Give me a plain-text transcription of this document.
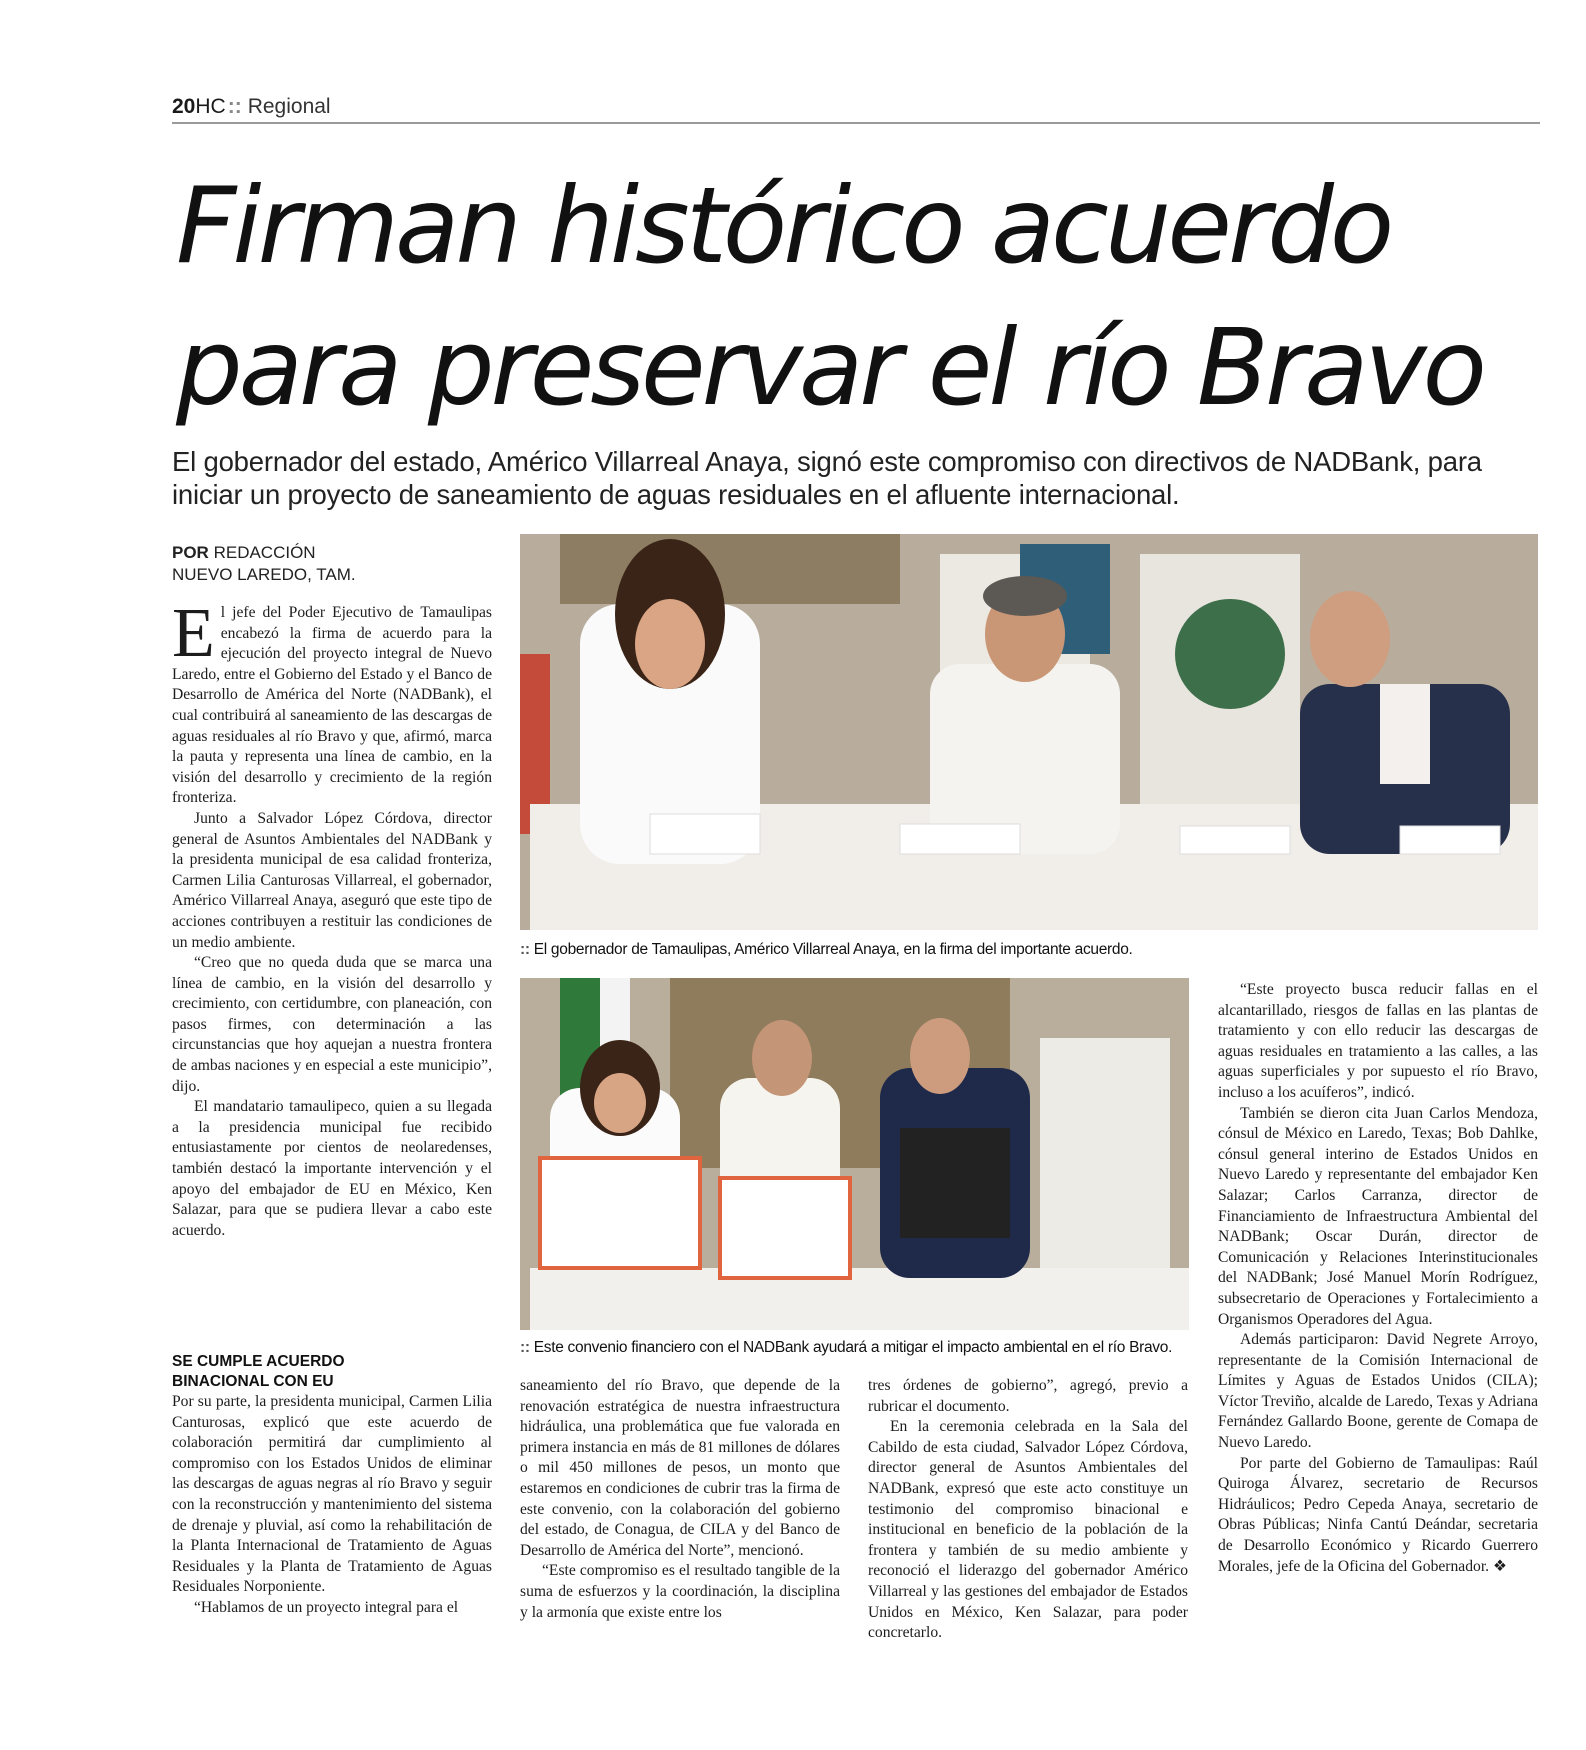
20HC:: Regional
Firman histórico acuerdo
para preservar el río Bravo
El gobernador del estado, Américo Villarreal Anaya, signó este compromiso con directivos de NADBank, para
iniciar un proyecto de saneamiento de aguas residuales en el afluente internacional.
POR REDACCIÓN
NUEVO LAREDO, TAM.

El jefe del Poder Ejecutivo de Tamaulipas encabezó la firma de acuerdo para la ejecución del proyecto integral de Nuevo Laredo, entre el Gobierno del Estado y el Banco de Desarrollo de América del Norte (NADBank), el cual contribuirá al saneamiento de las descargas de aguas residuales al río Bravo y que, afirmó, marca la pauta y representa una línea de cambio, en la visión del desarrollo y crecimiento de la región fronteriza.

Junto a Salvador López Córdova, director general de Asuntos Ambientales del NADBank y la presidenta municipal de esa calidad fronteriza, Carmen Lilia Canturosas Villarreal, el gobernador, Américo Villarreal Anaya, aseguró que este tipo de acciones contribuyen a restituir las condiciones de un medio ambiente.

“Creo que no queda duda que se marca una línea de cambio, en la visión del desarrollo y crecimiento, con certidumbre, con planeación, con pasos firmes, con determinación a las circunstancias que hoy aquejan a nuestra frontera de ambas naciones y en especial a este municipio”, dijo.

El mandatario tamaulipeco, quien a su llegada a la presidencia municipal fue recibido entusiastamente por cientos de neolaredenses, también destacó la importante intervención y el apoyo del embajador de EU en México, Ken Salazar, para que se pudiera llevar a cabo este acuerdo.

SE CUMPLE ACUERDO
BINACIONAL CON EU

Por su parte, la presidenta municipal, Carmen Lilia Canturosas, explicó que este acuerdo de colaboración permitirá dar cumplimiento al compromiso con los Estados Unidos de eliminar las descargas de aguas negras al río Bravo y seguir con la reconstrucción y mantenimiento del sistema de drenaje y pluvial, así como la rehabilitación de la Planta Internacional de Tratamiento de Aguas Residuales y la Planta de Tratamiento de Aguas Residuales Norponiente.

“Hablamos de un proyecto integral para el

:: El gobernador de Tamaulipas, Américo Villarreal Anaya, en la firma del importante acuerdo.
:: Este convenio financiero con el NADBank ayudará a mitigar el impacto ambiental en el río Bravo.

saneamiento del río Bravo, que depende de la renovación estratégica de nuestra infraestructura hidráulica, una problemática que fue valorada en primera instancia en más de 81 millones de dólares o mil 450 millones de pesos, un monto que estaremos en condiciones de cubrir tras la firma de este convenio, con la colaboración del gobierno del estado, de Conagua, de CILA y del Banco de Desarrollo de América del Norte”, mencionó.

“Este compromiso es el resultado tangible de la suma de esfuerzos y la coordinación, la disciplina y la armonía que existe entre los

tres órdenes de gobierno”, agregó, previo a rubricar el documento.

En la ceremonia celebrada en la Sala del Cabildo de esta ciudad, Salvador López Córdova, director general de Asuntos Ambientales del NADBank, expresó que este acto constituye un testimonio del compromiso binacional e institucional en beneficio de la población de la frontera y también de su medio ambiente y reconoció el liderazgo del gobernador Américo Villarreal y las gestiones del embajador de Estados Unidos en México, Ken Salazar, para poder concretarlo.

“Este proyecto busca reducir fallas en el alcantarillado, riesgos de fallas en las plantas de tratamiento y con ello reducir las descargas de aguas residuales en tratamiento a las calles, a las aguas superficiales y por supuesto el río Bravo, incluso a los acuíferos”, indicó.

También se dieron cita Juan Carlos Mendoza, cónsul de México en Laredo, Texas; Bob Dahlke, cónsul general interino de Estados Unidos en Nuevo Laredo y representante del embajador Ken Salazar; Carlos Carranza, director de Financiamiento de Infraestructura Ambiental del NADBank; Oscar Durán, director de Comunicación y Relaciones Interinstitucionales del NADBank; José Manuel Morín Rodríguez, subsecretario de Operaciones y Fortalecimiento a Organismos Operadores del Agua.

Además participaron: David Negrete Arroyo, representante de la Comisión Internacional de Límites y Aguas de Estados Unidos (CILA); Víctor Treviño, alcalde de Laredo, Texas y Adriana Fernández Gallardo Boone, gerente de Comapa de Nuevo Laredo.

Por parte del Gobierno de Tamaulipas: Raúl Quiroga Álvarez, secretario de Recursos Hidráulicos; Pedro Cepeda Anaya, secretario de Obras Públicas; Ninfa Cantú Deándar, secretaria de Desarrollo Económico y Ricardo Guerrero Morales, jefe de la Oficina del Gobernador. ❖
